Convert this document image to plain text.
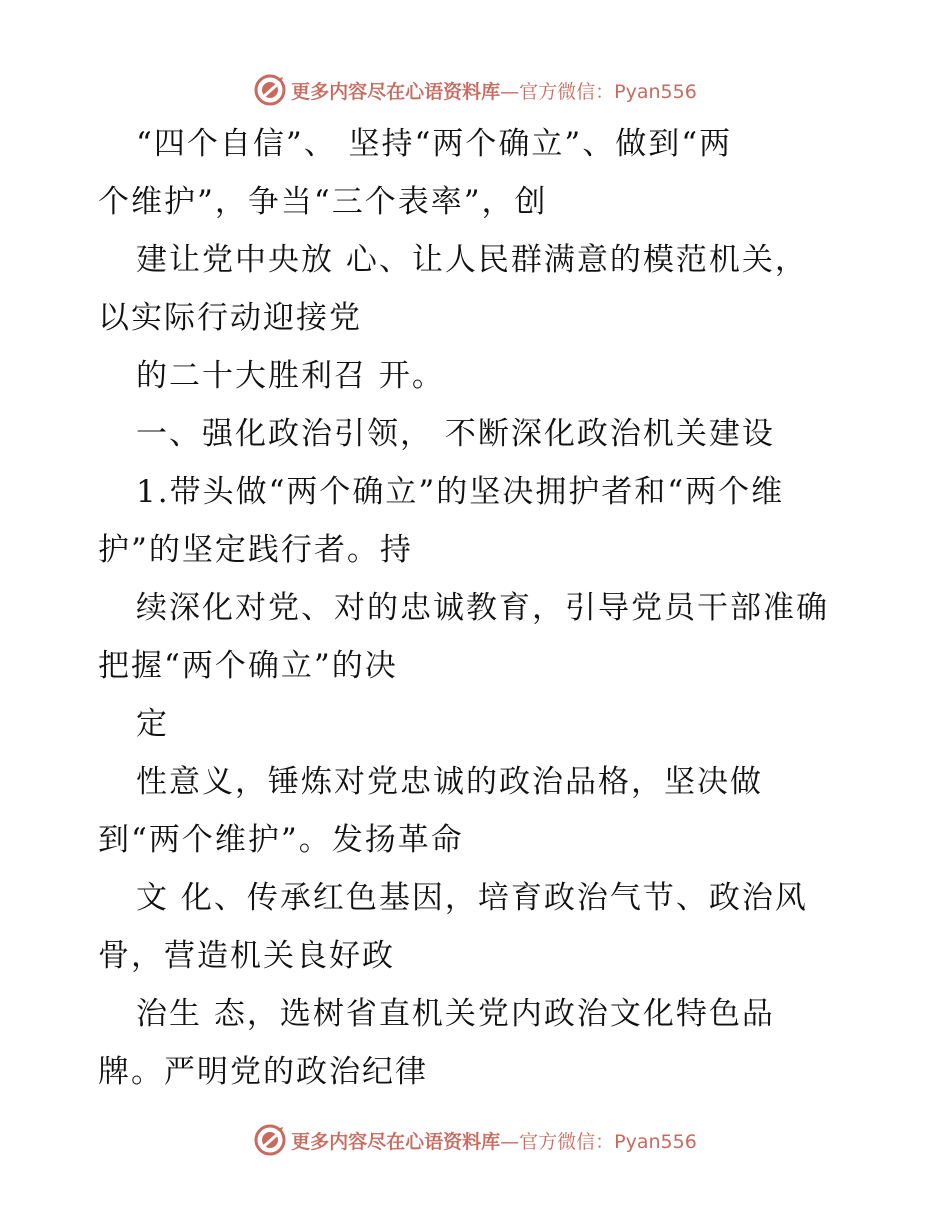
更多内容尽在心语资料库 —官方微信：Pyan556
“四个自信”、 坚持“两个确立”、做到“两
个维护”，争当“三个表率”，创
建让党中央放 心、让人民群满意的模范机关，
以实际行动迎接党
的二十大胜利召 开。
一、强化政治引领， 不断深化政治机关建设
1.带头做“两个确立”的坚决拥护者和“两个维
护”的坚定践行者。持
续深化对党、对的忠诚教育，引导党员干部准确
把握“两个确立”的决
定
性意义，锤炼对党忠诚的政治品格，坚决做
到“两个维护”。发扬革命
文 化、传承红色基因，培育政治气节、政治风
骨，营造机关良好政
治生 态，选树省直机关党内政治文化特色品
牌。严明党的政治纪律
更多内容尽在心语资料库 —官方微信：Pyan556
